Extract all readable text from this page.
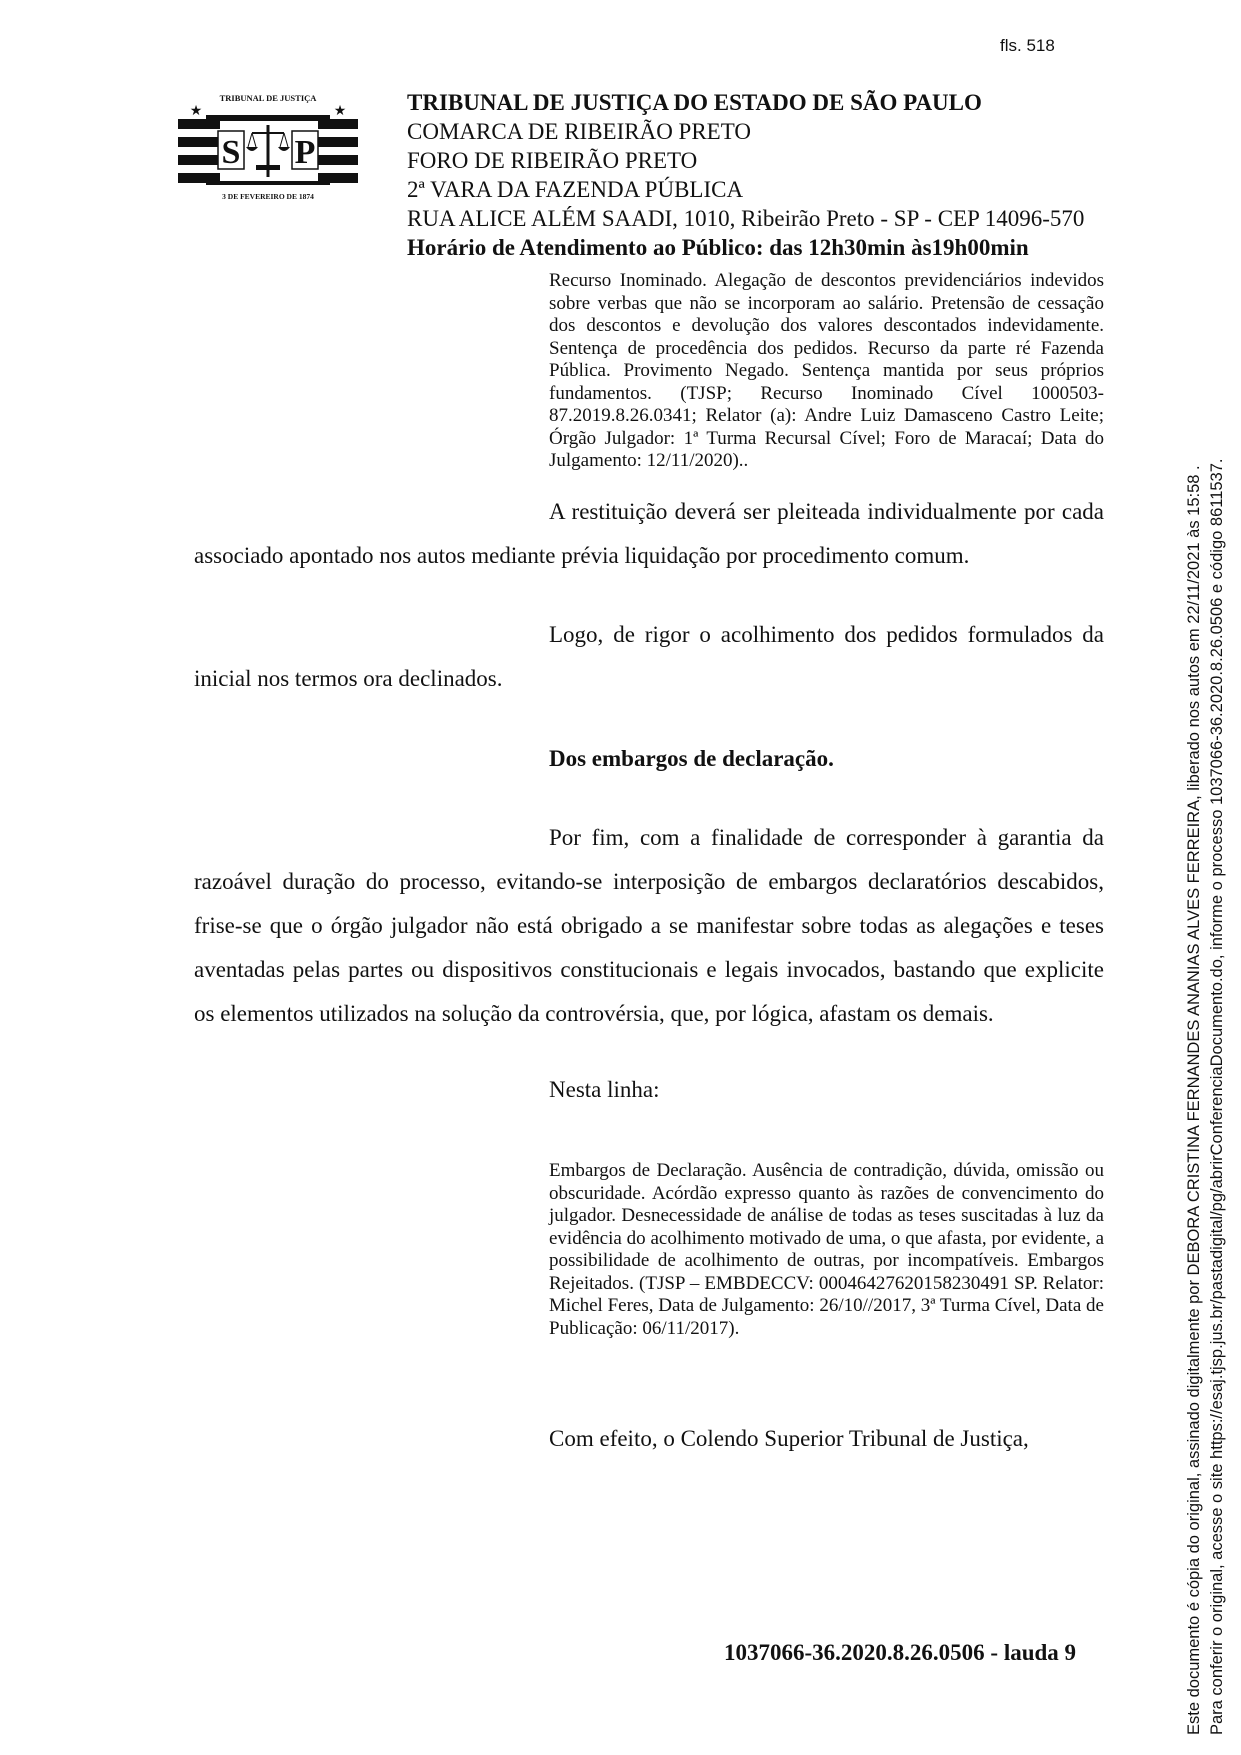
fls. 518
S P
★	★
TRIBUNAL DE JUSTIÇA
3 DE FEVEREIRO DE 1874
TRIBUNAL DE JUSTIÇA DO ESTADO DE SÃO PAULO
COMARCA DE RIBEIRÃO PRETO
FORO DE RIBEIRÃO PRETO
2ª VARA DA FAZENDA PÚBLICA
RUA ALICE ALÉM SAADI, 1010, Ribeirão Preto - SP - CEP 14096-570
Horário de Atendimento ao Público: das 12h30min às19h00min
Recurso Inominado. Alegação de descontos previdenciários indevidos sobre verbas que não se incorporam ao salário. Pretensão de cessação dos descontos e devolução dos valores descontados indevidamente. Sentença de procedência dos pedidos. Recurso da parte ré Fazenda Pública. Provimento Negado. Sentença mantida por seus próprios fundamentos. (TJSP; Recurso Inominado Cível 1000503-87.2019.8.26.0341; Relator (a): Andre Luiz Damasceno Castro Leite; Órgão Julgador: 1ª Turma Recursal Cível; Foro de Maracaí; Data do Julgamento: 12/11/2020)..
A restituição deverá ser pleiteada individualmente por cada associado apontado nos autos mediante prévia liquidação por procedimento comum.
Logo, de rigor o acolhimento dos pedidos formulados da inicial nos termos ora declinados.
Dos embargos de declaração.
Por fim, com a finalidade de corresponder à garantia da razoável duração do processo, evitando-se interposição de embargos declaratórios descabidos, frise-se que o órgão julgador não está obrigado a se manifestar sobre todas as alegações e teses aventadas pelas partes ou dispositivos constitucionais e legais invocados, bastando que explicite os elementos utilizados na solução da controvérsia, que, por lógica, afastam os demais.
Nesta linha:
Embargos de Declaração. Ausência de contradição, dúvida, omissão ou obscuridade. Acórdão expresso quanto às razões de convencimento do julgador. Desnecessidade de análise de todas as teses suscitadas à luz da evidência do acolhimento motivado de uma, o que afasta, por evidente, a possibilidade de acolhimento de outras, por incompatíveis. Embargos Rejeitados. (TJSP – EMBDECCV: 00046427620158230491 SP. Relator: Michel Feres, Data de Julgamento: 26/10//2017, 3ª Turma Cível, Data de Publicação: 06/11/2017).
Com efeito, o Colendo Superior Tribunal de Justiça,
1037066-36.2020.8.26.0506 - lauda 9	Este documento é cópia do original, assinado digitalmente por DEBORA CRISTINA FERNANDES ANANIAS ALVES FERREIRA, liberado nos autos em 22/11/2021 às 15:58 . Para conferir o original, acesse o site https://esaj.tjsp.jus.br/pastadigital/pg/abrirConferenciaDocumento.do, informe o processo 1037066-36.2020.8.26.0506 e código 8611537.
